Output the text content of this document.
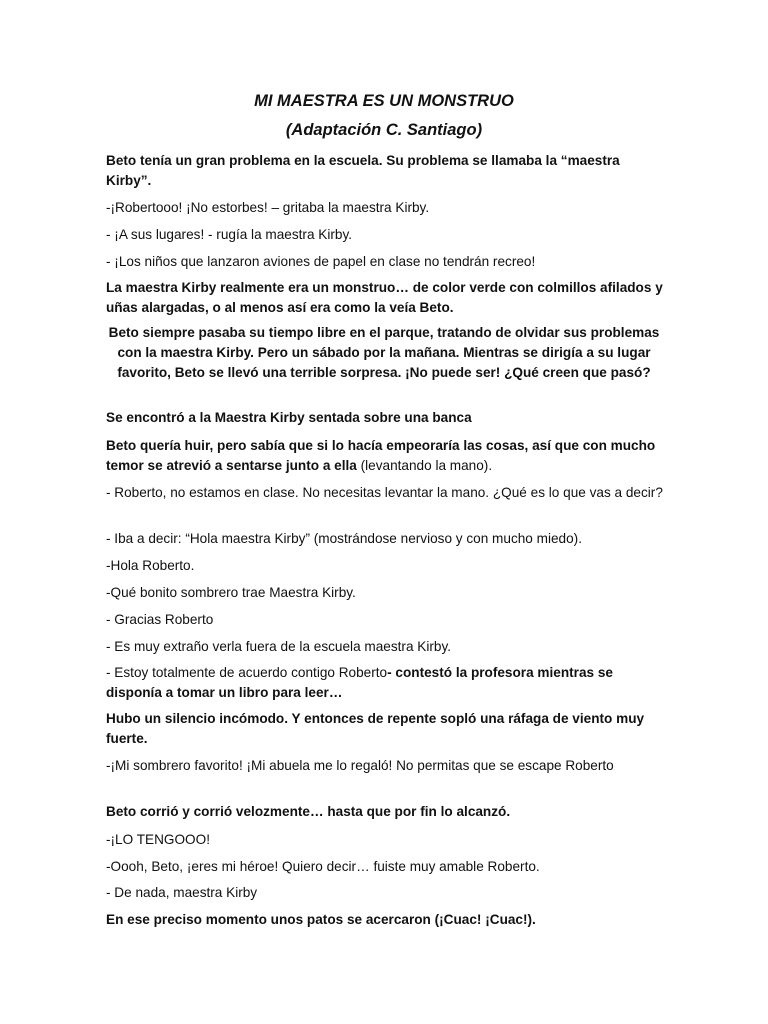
MI MAESTRA ES UN MONSTRUO
(Adaptación C. Santiago)
Beto tenía un gran problema en la escuela. Su problema se llamaba la “maestra Kirby”.
-¡Robertooo! ¡No estorbes! – gritaba la maestra Kirby.
- ¡A sus lugares! - rugía la maestra Kirby.
- ¡Los niños que lanzaron aviones de papel en clase no tendrán recreo!
La maestra Kirby realmente era un monstruo… de color verde con colmillos afilados y uñas alargadas, o al menos así era como la veía Beto.
Beto siempre pasaba su tiempo libre en el parque, tratando de olvidar sus problemas con la maestra Kirby. Pero un sábado por la mañana. Mientras se dirigía a su lugar favorito, Beto se llevó una terrible sorpresa. ¡No puede ser! ¿Qué creen que pasó?
Se encontró a la Maestra Kirby sentada sobre una banca
Beto quería huir, pero sabía que si lo hacía empeoraría las cosas, así que con mucho temor se atrevió a sentarse junto a ella (levantando la mano).
- Roberto, no estamos en clase. No necesitas levantar la mano. ¿Qué es lo que vas a decir?
- Iba a decir: “Hola maestra Kirby” (mostrándose nervioso y con mucho miedo).
-Hola Roberto.
-Qué bonito sombrero trae Maestra Kirby.
- Gracias Roberto
- Es muy extraño verla fuera de la escuela maestra Kirby.
- Estoy totalmente de acuerdo contigo Roberto- contestó la profesora mientras se disponía a tomar un libro para leer…
Hubo un silencio incómodo. Y entonces de repente sopló una ráfaga de viento muy fuerte.
-¡Mi sombrero favorito! ¡Mi abuela me lo regaló! No permitas que se escape Roberto
Beto corrió y corrió velozmente… hasta que por fin lo alcanzó.
-¡LO TENGOOO!
-Oooh, Beto, ¡eres mi héroe! Quiero decir… fuiste muy amable Roberto.
- De nada, maestra Kirby
En ese preciso momento unos patos se acercaron (¡Cuac! ¡Cuac!).
